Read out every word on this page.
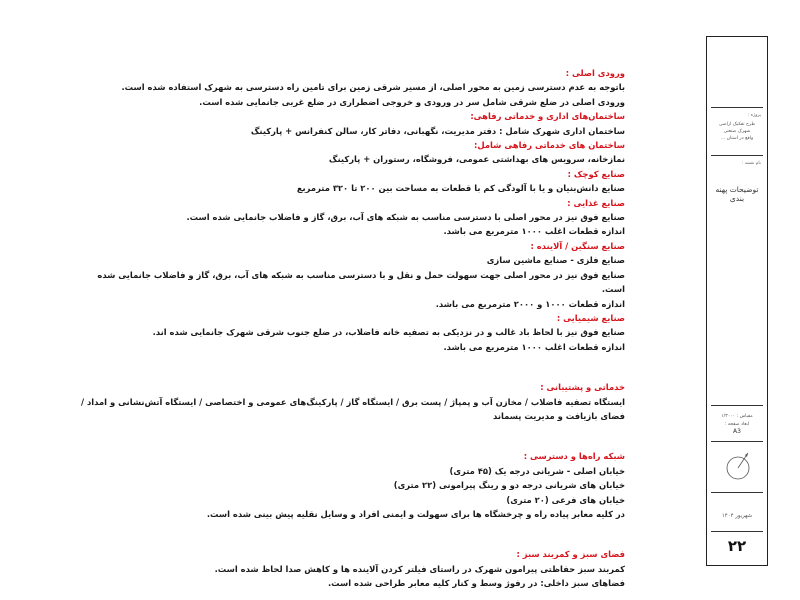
ورودی اصلی :
باتوجه به عدم دسترسی زمین به محور اصلی، از مسیر شرقی زمین برای تامین راه دسترسی به شهرک استفاده شده است.
ورودی اصلی در ضلع شرقی شامل سر در ورودی و خروجی اضطراری در ضلع غربی جانمایی شده است.
ساختمان‌های اداری و خدماتی رفاهی:
ساختمان اداری شهرک شامل : دفتر مدیریت، نگهبانی، دفاتر کار، سالن کنفرانس + پارکینگ
ساختمان های خدماتی رفاهی شامل:
نمازخانه، سرویس های بهداشتی عمومی، فروشگاه، رستوران + پارکینگ
صنایع کوچک :
صنایع دانش‌بنیان و یا با آلودگی کم با قطعات به مساحت بین ۲۰۰ تا ۳۲۰ مترمربع
صنایع غذایی :
صنایع فوق نیز در محور اصلی با دسترسی مناسب به شبکه های آب، برق، گاز و فاضلاب جانمایی شده است.
اندازه قطعات اغلب ۱۰۰۰ مترمربع می باشد.
صنایع سنگین / آلاینده :
صنایع فلزی - صنایع ماشین سازی
صنایع فوق نیز در محور اصلی جهت سهولت حمل و نقل و با دسترسی مناسب به شبکه های آب، برق، گاز و فاضلاب جانمایی شده است.
اندازه قطعات ۱۰۰۰ و ۲۰۰۰ مترمربع می باشد.
صنایع شیمیایی :
صنایع فوق نیز با لحاظ باد غالب و در نزدیکی به تصفیه خانه فاضلاب، در ضلع جنوب شرقی شهرک جانمایی شده اند.
اندازه قطعات اغلب ۱۰۰۰ مترمربع می باشد.
خدماتی و پشتیبانی :
ایستگاه تصفیه فاضلاب / مخازن آب و پمپاژ / پست برق / ایستگاه گاز / پارکینگ‌های عمومی و اختصاصی / ایستگاه آتش‌نشانی و امداد / فضای بازیافت و مدیریت پسماند
شبکه راه‌ها و دسترسی :
خیابان اصلی - شریانی درجه یک (۴۵ متری)
خیابان های شریانی درجه دو و رینگ پیرامونی (۲۲ متری)
خیابان های فرعی (۲۰ متری)
در کلیه معابر پیاده راه و چرخشگاه ها برای سهولت و ایمنی افراد و وسایل نقلیه پیش بینی شده است.
فضای سبز و کمربند سبز :
کمربند سبز حفاظتی پیرامون شهرک در راستای فیلتر کردن آلاینده ها و کاهش صدا لحاظ شده است.
فضاهای سبز داخلی: در رفوژ وسط و کنار کلیه معابر طراحی شده است.
پروژه :
طرح تفکیک اراضی
شهرک صنعتی
واقع در استان ...
نام نقشه :
توضیحات پهنه بندی
مقیاس : ۱/۳۰۰۰
ابعاد صفحه :
A3
شهریور ۱۴۰۴
۲۲
